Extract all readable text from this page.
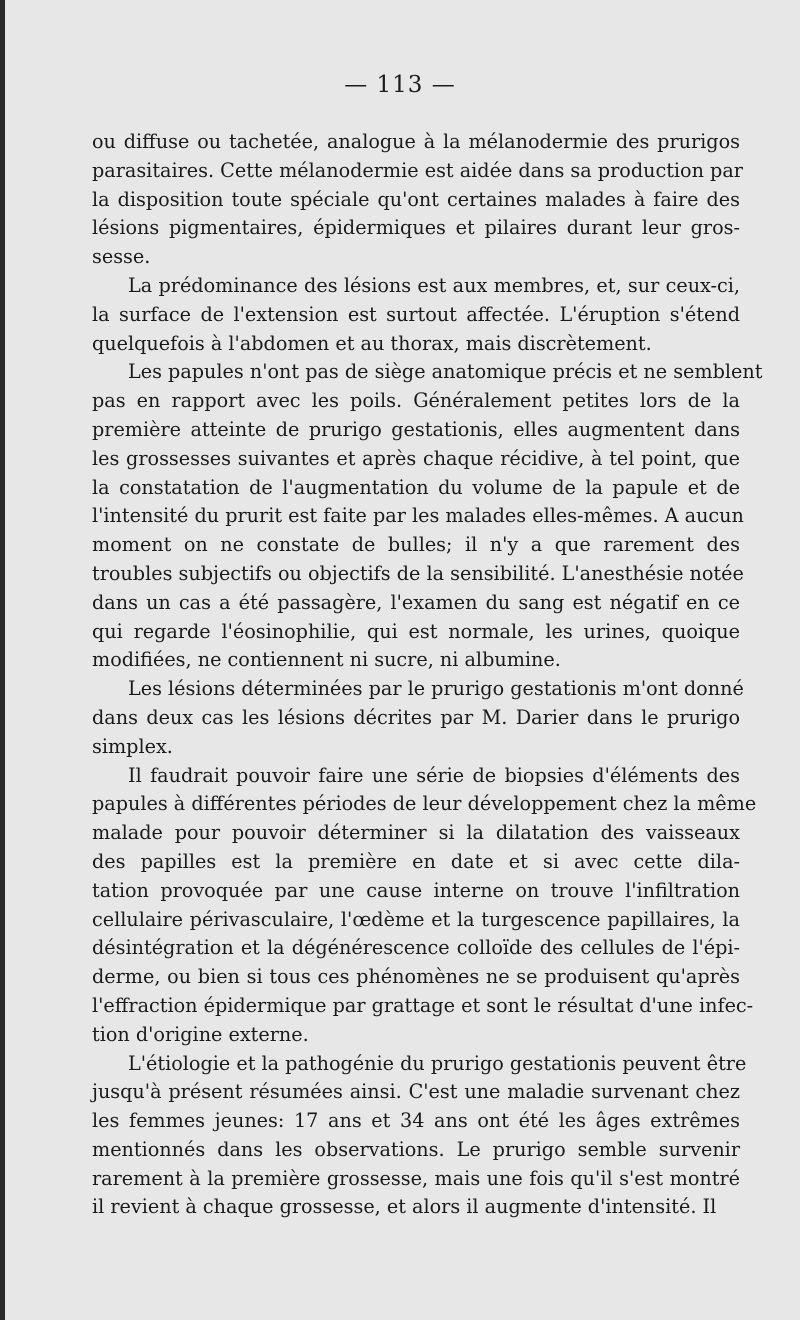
— 113 —
ou diffuse ou tachetée, analogue à la mélanodermie des prurigos
parasitaires. Cette mélanodermie est aidée dans sa production par
la disposition toute spéciale qu'ont certaines malades à faire des
lésions pigmentaires, épidermiques et pilaires durant leur gros-
sesse.
La prédominance des lésions est aux membres, et, sur ceux-ci,
la surface de l'extension est surtout affectée. L'éruption s'étend
quelquefois à l'abdomen et au thorax, mais discrètement.
Les papules n'ont pas de siège anatomique précis et ne semblent
pas en rapport avec les poils. Généralement petites lors de la
première atteinte de prurigo gestationis, elles augmentent dans
les grossesses suivantes et après chaque récidive, à tel point, que
la constatation de l'augmentation du volume de la papule et de
l'intensité du prurit est faite par les malades elles-mêmes. A aucun
moment on ne constate de bulles; il n'y a que rarement des
troubles subjectifs ou objectifs de la sensibilité. L'anesthésie notée
dans un cas a été passagère, l'examen du sang est négatif en ce
qui regarde l'éosinophilie, qui est normale, les urines, quoique
modifiées, ne contiennent ni sucre, ni albumine.
Les lésions déterminées par le prurigo gestationis m'ont donné
dans deux cas les lésions décrites par M. Darier dans le prurigo
simplex.
Il faudrait pouvoir faire une série de biopsies d'éléments des
papules à différentes périodes de leur développement chez la même
malade pour pouvoir déterminer si la dilatation des vaisseaux
des papilles est la première en date et si avec cette dila-
tation provoquée par une cause interne on trouve l'infiltration
cellulaire périvasculaire, l'œdème et la turgescence papillaires, la
désintégration et la dégénérescence colloïde des cellules de l'épi-
derme, ou bien si tous ces phénomènes ne se produisent qu'après
l'effraction épidermique par grattage et sont le résultat d'une infec-
tion d'origine externe.
L'étiologie et la pathogénie du prurigo gestationis peuvent être
jusqu'à présent résumées ainsi. C'est une maladie survenant chez
les femmes jeunes: 17 ans et 34 ans ont été les âges extrêmes
mentionnés dans les observations. Le prurigo semble survenir
rarement à la première grossesse, mais une fois qu'il s'est montré
il revient à chaque grossesse, et alors il augmente d'intensité. Il
